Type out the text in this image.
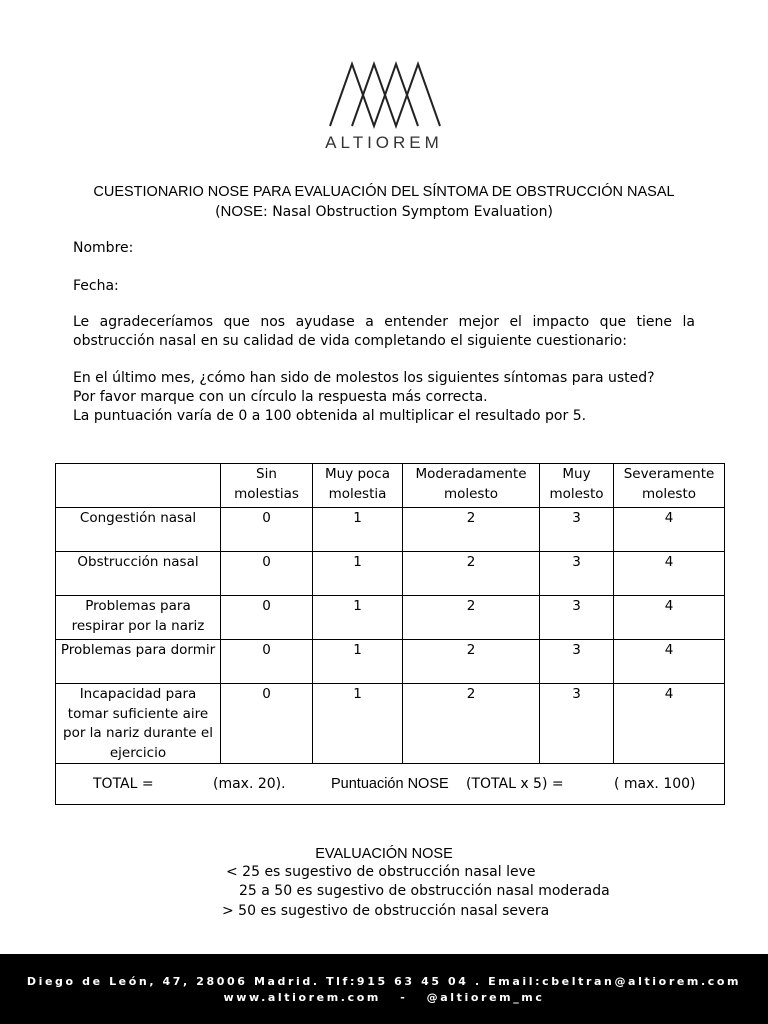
ALTIOREM
CUESTIONARIO NOSE PARA EVALUACIÓN DEL SÍNTOMA DE OBSTRUCCIÓN NASAL
(NOSE: Nasal Obstruction Symptom Evaluation)
Nombre:
Fecha:
Le agradeceríamos que nos ayudase a entender mejor el impacto que tiene la obstrucción nasal en su calidad de vida completando el siguiente cuestionario:
En el último mes, ¿cómo han sido de molestos los siguientes síntomas para usted?
Por favor marque con un círculo la respuesta más correcta.
La puntuación varía de 0 a 100 obtenida al multiplicar el resultado por 5.
	Sin molestias	Muy poca molestia	Moderadamente molesto	Muy molesto	Severamente molesto
Congestión nasal	0	1	2	3	4
Obstrucción nasal	0	1	2	3	4
Problemas para respirar por la nariz	0	1	2	3	4
Problemas para dormir	0	1	2	3	4
Incapacidad para tomar suficiente aire por la nariz durante el ejercicio	0	1	2	3	4

TOTAL = (max. 20). Puntuación NOSE (TOTAL x 5) = ( max. 100)					
EVALUACIÓN NOSE
< 25 es sugestivo de obstrucción nasal leve
25 a 50 es sugestivo de obstrucción nasal moderada
> 50 es sugestivo de obstrucción nasal severa
Diego de León, 47, 28006 Madrid. Tlf:915 63 45 04 . Email:cbeltran@altiorem.com
www.altiorem.com   -   @altiorem_mc
